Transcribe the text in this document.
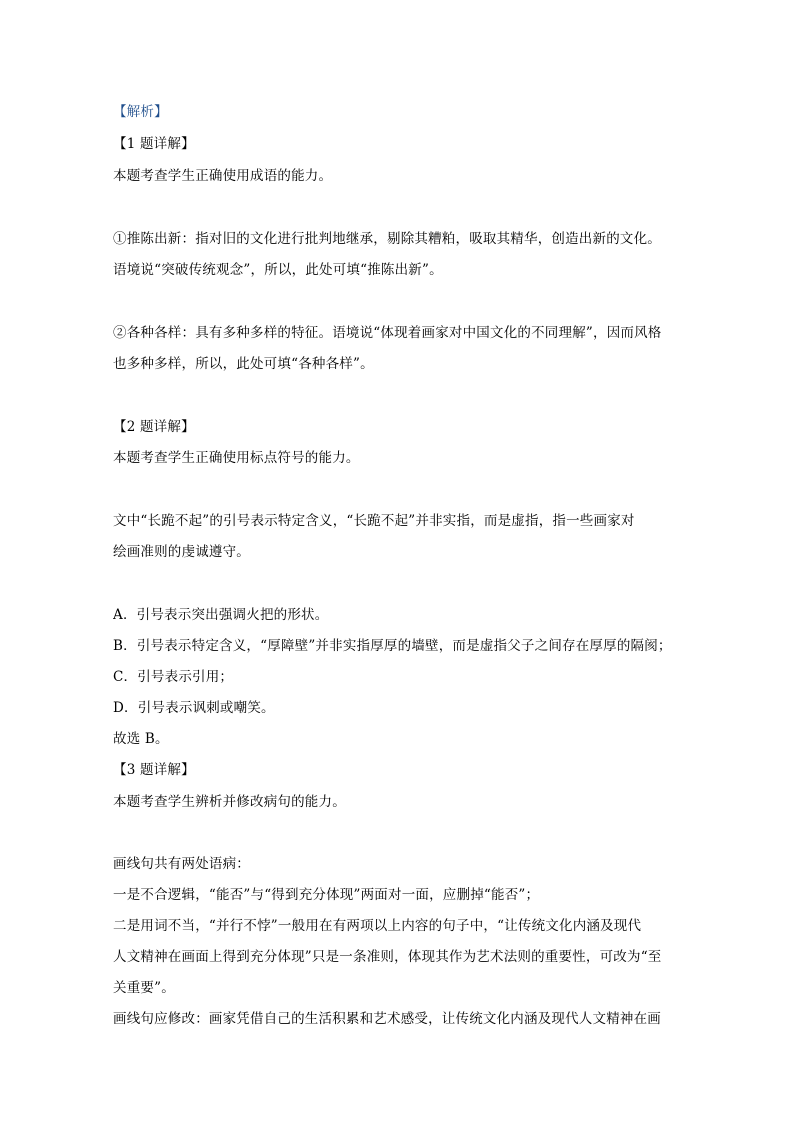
【解析】
【1 题详解】
本题考查学生正确使用成语的能力。
①推陈出新：指对旧的文化进行批判地继承，剔除其糟粕，吸取其精华，创造出新的文化。
语境说“突破传统观念”，所以，此处可填“推陈出新”。
②各种各样：具有多种多样的特征。语境说“体现着画家对中国文化的不同理解”，因而风格
也多种多样，所以，此处可填“各种各样”。
【2 题详解】
本题考查学生正确使用标点符号的能力。
文中“长跪不起”的引号表示特定含义，“长跪不起”并非实指，而是虚指，指一些画家对
绘画准则的虔诚遵守。
A．引号表示突出强调火把的形状。
B．引号表示特定含义，“厚障壁”并非实指厚厚的墙壁，而是虚指父子之间存在厚厚的隔阂；
C．引号表示引用；
D．引号表示讽刺或嘲笑。
故选 B。
【3 题详解】
本题考查学生辨析并修改病句的能力。
画线句共有两处语病：
一是不合逻辑，“能否”与“得到充分体现”两面对一面，应删掉“能否”；
二是用词不当，“并行不悖”一般用在有两项以上内容的句子中，“让传统文化内涵及现代
人文精神在画面上得到充分体现”只是一条准则，体现其作为艺术法则的重要性，可改为“至
关重要”。
画线句应修改：画家凭借自己的生活积累和艺术感受，让传统文化内涵及现代人文精神在画
